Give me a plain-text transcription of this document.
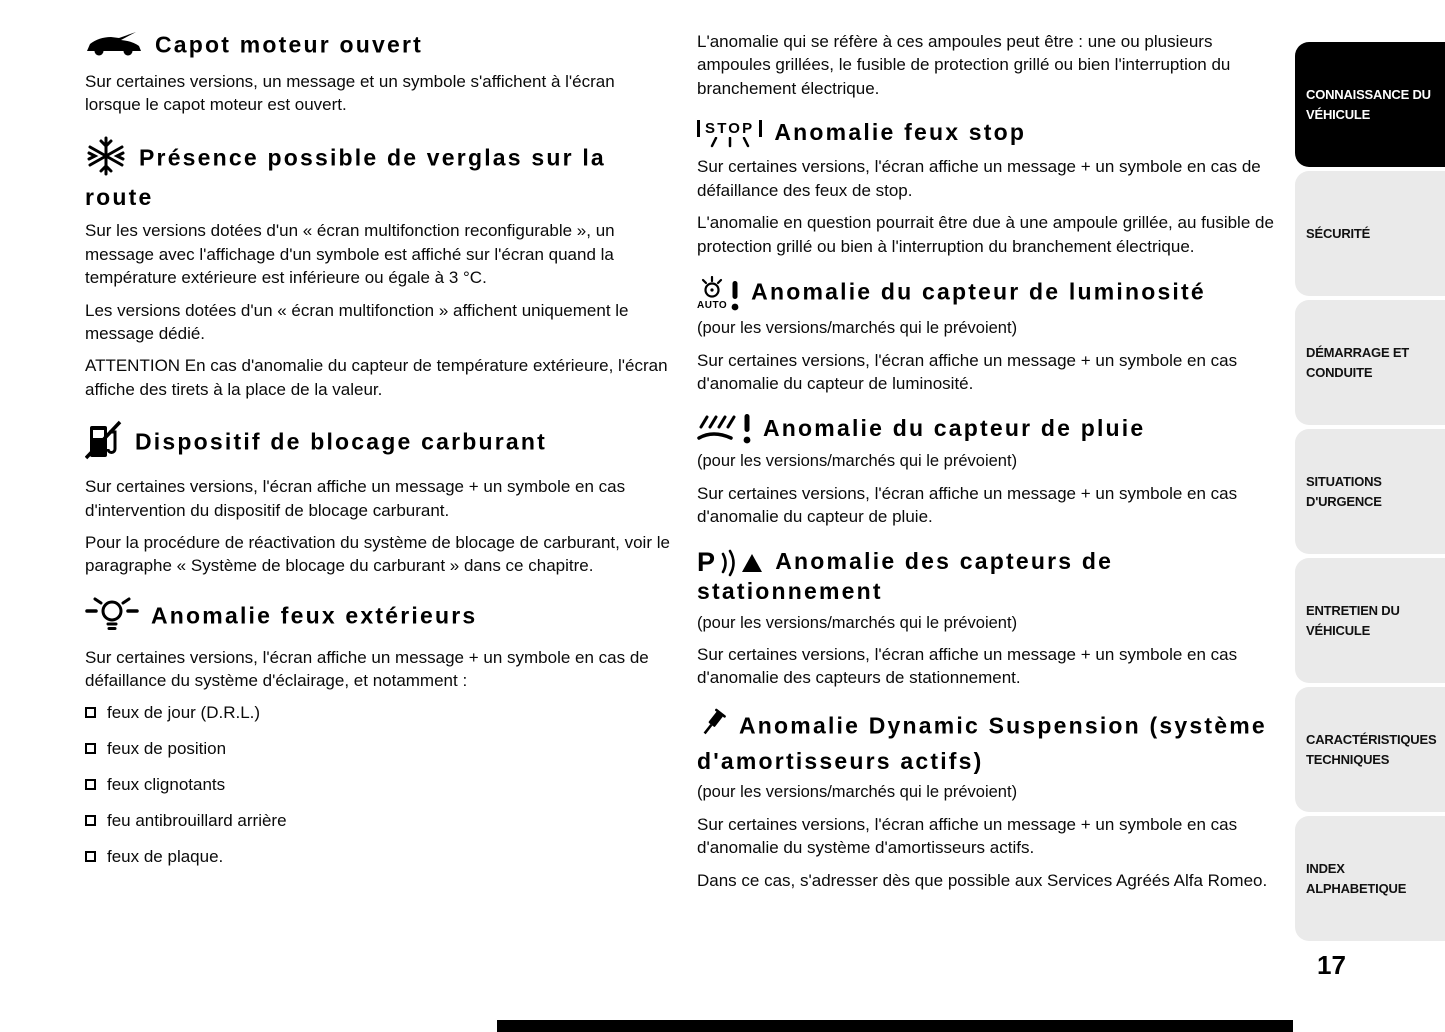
Capot moteur ouvert

Sur certaines versions, un message et un symbole s'affichent à l'écran lorsque le capot moteur est ouvert.

Présence possible de verglas sur la route

Sur les versions dotées d'un « écran multifonction reconfigurable », un message avec l'affichage d'un symbole est affiché sur l'écran quand la température extérieure est inférieure ou égale à 3 °C.

Les versions dotées d'un « écran multifonction » affichent uniquement le message dédié.

ATTENTION En cas d'anomalie du capteur de température extérieure, l'écran affiche des tirets à la place de la valeur.

Dispositif de blocage carburant

Sur certaines versions, l'écran affiche un message + un symbole en cas d'intervention du dispositif de blocage carburant.

Pour la procédure de réactivation du système de blocage de carburant, voir le paragraphe « Système de blocage du carburant » dans ce chapitre.

Anomalie feux extérieurs

Sur certaines versions, l'écran affiche un message + un symbole en cas de défaillance du système d'éclairage, et notamment :

feux de jour (D.R.L.)
feux de position
feux clignotants
feu antibrouillard arrière
feux de plaque.

L'anomalie qui se réfère à ces ampoules peut être : une ou plusieurs ampoules grillées, le fusible de protection grillé ou bien l'interruption du branchement électrique.

STOP Anomalie feux stop

Sur certaines versions, l'écran affiche un message + un symbole en cas de défaillance des feux de stop.

L'anomalie en question pourrait être due à une ampoule grillée, au fusible de protection grillé ou bien à l'interruption du branchement électrique.

AUTO
Anomalie du capteur de luminosité

(pour les versions/marchés qui le prévoient)

Sur certaines versions, l'écran affiche un message + un symbole en cas d'anomalie du capteur de luminosité.

Anomalie du capteur de pluie

(pour les versions/marchés qui le prévoient)

Sur certaines versions, l'écran affiche un message + un symbole en cas d'anomalie du capteur de pluie.

P	Anomalie des capteurs de stationnement

(pour les versions/marchés qui le prévoient)

Sur certaines versions, l'écran affiche un message + un symbole en cas d'anomalie des capteurs de stationnement.

Anomalie Dynamic Suspension (système d'amortisseurs actifs)

(pour les versions/marchés qui le prévoient)

Sur certaines versions, l'écran affiche un message + un symbole en cas d'anomalie du système d'amortisseurs actifs.

Dans ce cas, s'adresser dès que possible aux Services Agréés Alfa Romeo.

CONNAISSANCE DU VÉHICULE
SÉCURITÉ
DÉMARRAGE ET CONDUITE
SITUATIONS D'URGENCE
ENTRETIEN DU VÉHICULE
CARACTÉRISTIQUES TECHNIQUES
INDEX ALPHABETIQUE
17
